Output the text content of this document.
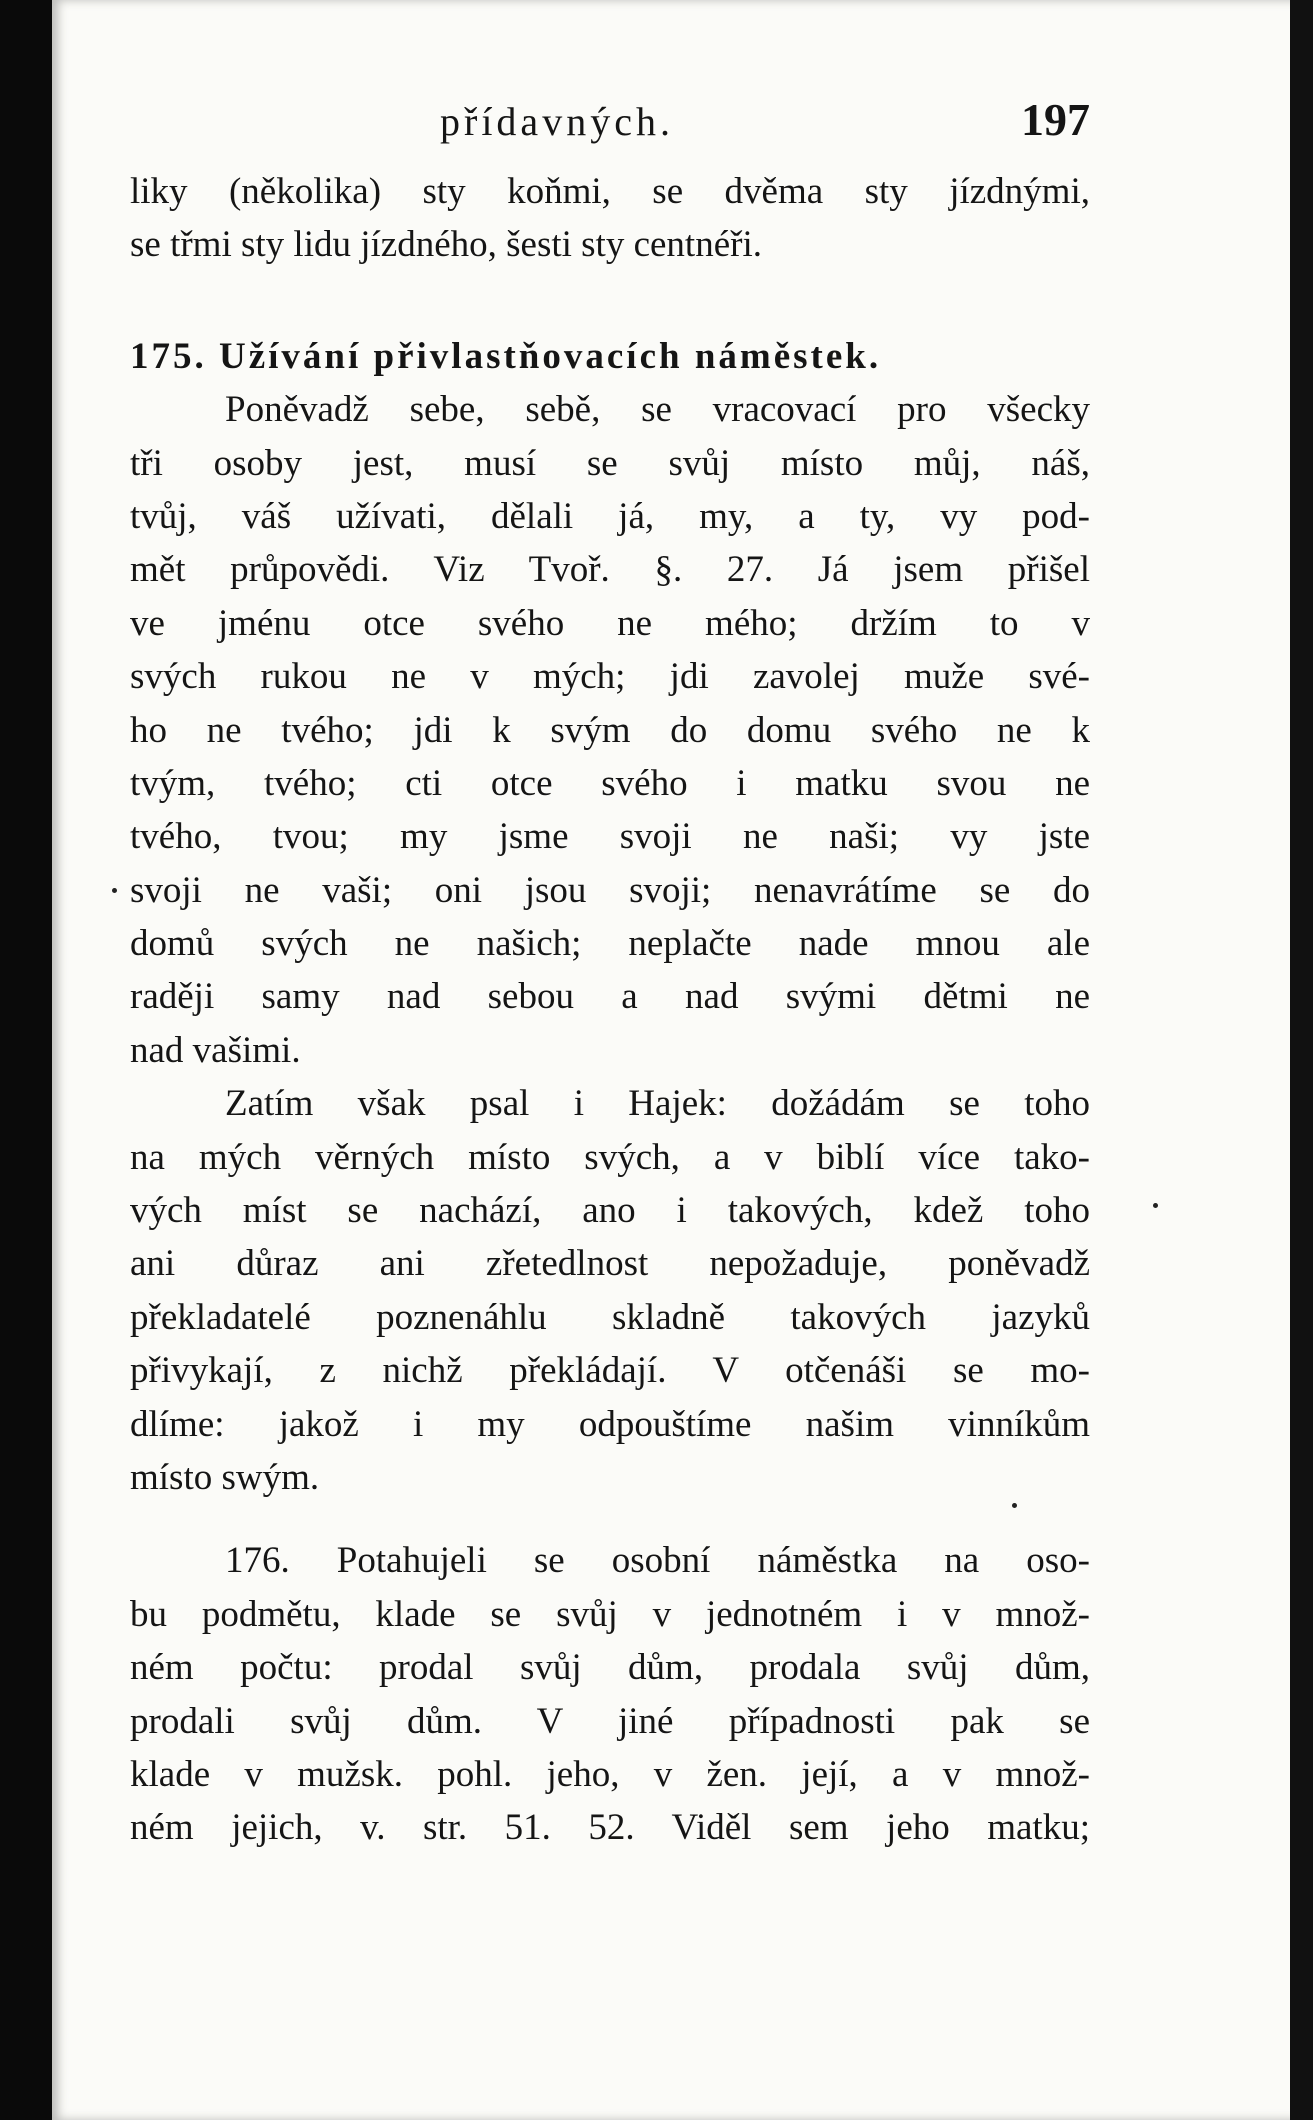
přídavných.	197
liky (několika) sty koňmi, se dvěma sty jízdnými,
se třmi sty lidu jízdného, šesti sty centnéři.
175. Užívání přivlastňovacích náměstek.
Poněvadž sebe, sebě, se vracovací pro všecky
tři osoby jest, musí se svůj místo můj, náš,
tvůj, váš užívati, dělali já, my, a ty, vy pod-
mět průpovědi. Viz Tvoř. §. 27. Já jsem přišel
ve jménu otce svého ne mého; držím to v
svých rukou ne v mých; jdi zavolej muže své-
ho ne tvého; jdi k svým do domu svého ne k
tvým, tvého; cti otce svého i matku svou ne
tvého, tvou; my jsme svoji ne naši; vy jste
svoji ne vaši; oni jsou svoji; nenavrátíme se do
domů svých ne našich; neplačte nade mnou ale
raději samy nad sebou a nad svými dětmi ne
nad vašimi.
Zatím však psal i Hajek: dožádám se toho
na mých věrných místo svých, a v biblí více tako-
vých míst se nachází, ano i takových, kdež toho
ani důraz ani zřetedlnost nepožaduje, poněvadž
překladatelé poznenáhlu skladně takových jazyků
přivykají, z nichž překládají. V otčenáši se mo-
dlíme: jakož i my odpouštíme našim vinníkům
místo swým.
176. Potahujeli se osobní náměstka na oso-
bu podmětu, klade se svůj v jednotném i v množ-
ném počtu: prodal svůj dům, prodala svůj dům,
prodali svůj dům. V jiné případnosti pak se
klade v mužsk. pohl. jeho, v žen. její, a v množ-
ném jejich, v. str. 51. 52. Viděl sem jeho matku;
